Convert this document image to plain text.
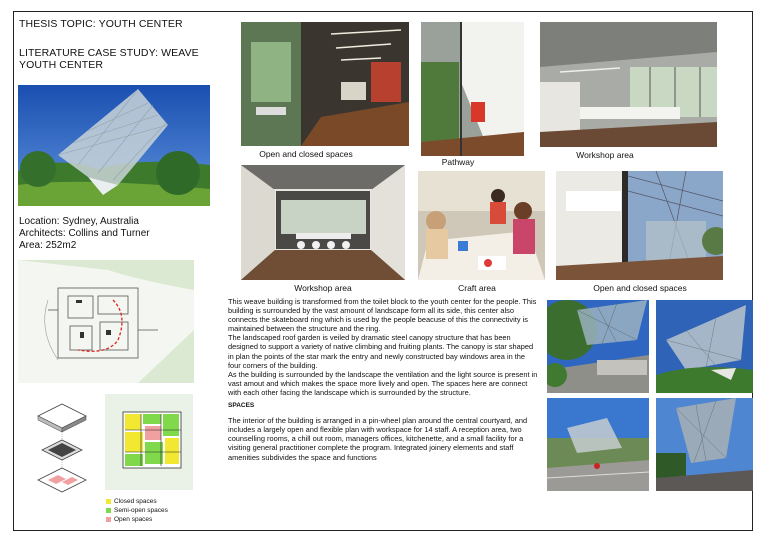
THESIS TOPIC: YOUTH CENTER
LITERATURE CASE STUDY: WEAVE YOUTH CENTER
Location: Sydney, Australia
Architects: Collins and Turner
Area: 252m2
Closed spaces
Semi-open spaces
Open spaces
Open and closed spaces
Pathway
Workshop area
Workshop area	Craft area	Open and closed spaces

This weave building is transformed from the toilet block to the youth center for the people. This building is surrounded by the vast amount of landscape form all its side, this center also connects the skateboard ring which is used by the people beacuse of this the connectivity is maintained between the structure and the ring.

The landscaped roof garden is veiled by dramatic steel canopy structure that has been designed to support a variety of native climbing and fruiting plants. The canopy is star shaped in plan the points of the star mark the entry and newly constructed bay windows area in the four corners of the building.

As the building is surrounded by the landscape the ventilation and the light source is present in vast amout and which makes the space more lively and open. The spaces here are connect with each other facing the landscape which is surrounded by the structure.

SPACES

The interior of the building is arranged in a pin-wheel plan around the central courtyard, and includes a largely open and flexible plan with workspace for 14 staff. A reception area, two counselling rooms, a chill out room, managers offices, kitchenette, and a small facility for a visiting general practitioner complete the program. Integrated joinery elements and staff amenities subdivides the space and functions
